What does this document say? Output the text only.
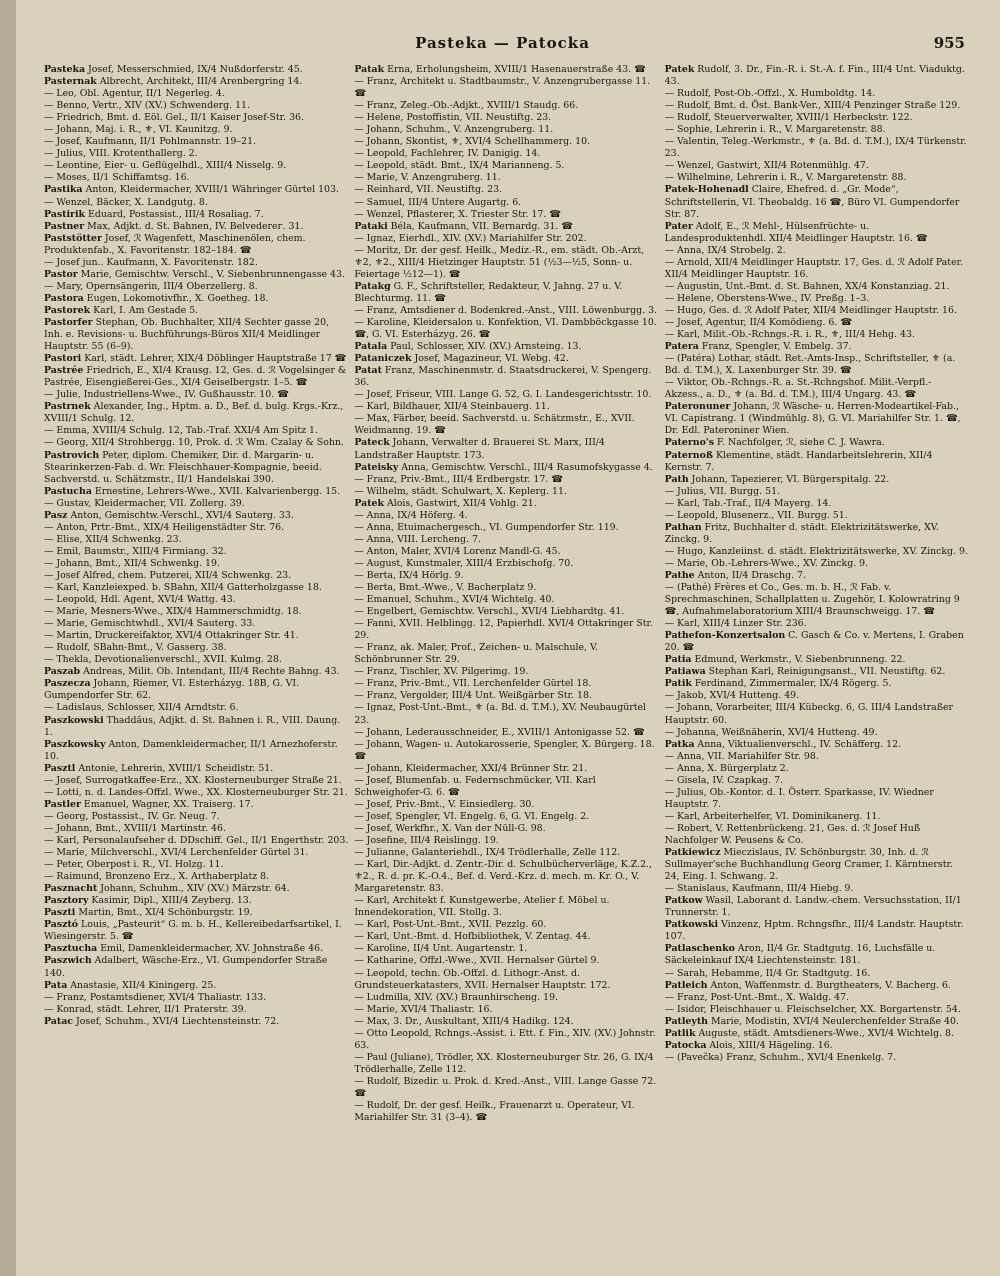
Pasteka — Patocka	955
Pasteka Josef, Messerschmied, IX/4 Nußdorferstr. 45.
Pasternak Albrecht, Architekt, III/4 Arenbergring 14.
— Leo, Obl. Agentur, II/1 Negerleg. 4.
— Benno, Vertr., XIV (XV.) Schwenderg. 11.
— Friedrich, Bmt. d. Eöl. Gel., II/1 Kaiser Josef-Str. 36.
— Johann, Maj. i. R., ⚜, VI. Kaunitzg. 9.
— Josef, Kaufmann, II/1 Pohlmannstr. 19–21.
— Julius, VIII. Krotenthallerg. 2.
— Leontine, Eier- u. Geflügelhdl., XIII/4 Nisselg. 9.
— Moses, II/1 Schiffamtsg. 16.
Pastika Anton, Kleidermacher, XVIII/1 Währinger Gürtel 103.
— Wenzel, Bäcker, X. Landgutg. 8.
Pastirik Eduard, Postassist., III/4 Rosaliag. 7.
Pastner Max, Adjkt. d. St. Bahnen, IV. Belvederег. 31.
Paststötter Josef, ℛ Wagenfett, Maschinenölen, chem. Produktenfab., X. Favoritenstr. 182–184. ☎
— Josef jun.. Kaufmann, X. Favoritenstr. 182.
Pastor Marie, Gemischtw. Verschl., V. Siebenbrunnengasse 43.
— Mary, Opernsängerin, III/4 Oberzellerg. 8.
Pastora Eugen, Lokomotivfhr., X. Goetheg. 18.
Pastorek Karl, I. Am Gestade 5.
Pastorfer Stephan, Ob. Buchhalter, XII/4 Sechter gasse 20, Inh. e. Revisions- u. Buchführungs-Büros XII/4 Meidlinger Hauptstr. 55 (6–9).
Pastori Karl, städt. Lehrer, XIX/4 Döblinger Hauptstraße 17 ☎
Pastrée Friedrich, E., XI/4 Krausg. 12, Ges. d. ℛ Vogelsinger & Pastrée, Eisengießerei-Ges., XI/4 Geiselbergstr. 1–5. ☎
— Julie, Industriellens-Wwe., IV. Gußhausstr. 10. ☎
Pastrnek Alexander, Ing., Hptm. a. D., Bef. d. bulg. Krgs.-Krz., XVIII/1 Schulg. 12.
— Emma, XVIII/4 Schulg. 12, Tab.-Traf. XXI/4 Am Spitz 1.
— Georg, XII/4 Strohbergg. 10, Prok. d. ℛ Wm. Czalay & Sohn.
Pastrovich Peter, diplom. Chemiker, Dir. d. Margarin- u. Stearinkerzen-Fab. d. Wr. Fleischhauer-Kompagnie, beeid. Sachverstd. u. Schätzmstr., II/1 Handelskai 390.
Pastucha Ernestine, Lehrers-Wwe., XVII. Kalvarienbergg. 15.
— Gustav, Kleidermacher, VII. Zollerg. 39.
Pasz Anton, Gemischtw.-Verschl., XVI/4 Sauterg. 33.
— Anton, Prtr.-Bmt., XIX/4 Heiligenstädter Str. 76.
— Elise, XII/4 Schwenkg. 23.
— Emil, Baumstr., XIII/4 Firmiang. 32.
— Johann, Bmt., XII/4 Schwenkg. 19.
— Josef Alfred, chem. Putzerei, XII/4 Schwenkg. 23.
— Karl, Kanzleiexped. b. SBahn, XII/4 Gatterholzgasse 18.
— Leopold, Hdl. Agent, XVI/4 Wattg. 43.
— Marie, Mesners-Wwe., XIX/4 Hammerschmidtg. 18.
— Marie, Gemischtwhdl., XVI/4 Sauterg. 33.
— Martin, Druckereifaktor, XVI/4 Ottakringer Str. 41.
— Rudolf, SBahn-Bmt., V. Gasserg. 38.
— Thekla, Devotionalienverschl., XVII. Kulmg. 28.
Paszab Andreas, Milit. Ob. Intendant, III/4 Rechte Bahng. 43.
Paszecza Johann, Riemer, VI. Esterházyg. 18B, G. VI. Gumpendorfer Str. 62.
— Ladislaus, Schlosser, XII/4 Arndtstr. 6.
Paszkowski Thaddäus, Adjkt. d. St. Bahnen i. R., VIII. Daung. 1.
Paszkowsky Anton, Damenkleidermacher, II/1 Arnezhoferstr. 10.
Pasztl Antonie, Lehrerin, XVIII/1 Scheidlstr. 51.
— Josef, Surrogatkaffee-Erz., XX. Klosterneuburger Straße 21.
— Lotti, n. d. Landes-Offzl. Wwe., XX. Klosterneuburger Str. 21.
Pastler Emanuel, Wagner, XX. Traiserg. 17.
— Georg, Postassist., IV. Gr. Neug. 7.
— Johann, Bmt., XVIII/1 Martinstr. 46.
— Karl, Personalaufseher d. DDschiff. Gel., II/1 Engerthstr. 203.
— Marie, Milchverschl., XVI/4 Lerchenfelder Gürtel 31.
— Peter, Oberpost i. R., VI. Holzg. 11.
— Raimund, Bronzeno Erz., X. Arthaberplatz 8.
Pasznacht Johann, Schuhm., XIV (XV.) Märzstr. 64.
Pasztory Kasimir, Dipl., XIII/4 Zeyberg. 13.
Paszti Martin, Bmt., XI/4 Schönburgstr. 19.
Pasztó Louis, „Pasteurit“ G. m. b. H., Kellereibedarfsartikel, I. Wiesingerstr. 5. ☎
Pasztucha Emil, Damenkleidermacher, XV. Johnstraße 46.
Paszwich Adalbert, Wäsche-Erz., VI. Gumpendorfer Straße 140.
Pata Anastasie, XII/4 Kiningerg. 25.
— Franz, Postamtsdiener, XVI/4 Thaliastr. 133.
— Konrad, städt. Lehrer, II/1 Praterstr. 39.
Patac Josef, Schuhm., XVI/4 Liechtensteinstr. 72.
Patak Erna, Erholungsheim, XVIII/1 Hasenauerstraße 43. ☎
— Franz, Architekt u. Stadtbaumstr., V. Anzengrubergasse 11. ☎
— Franz, Zeleg.-Ob.-Adjkt., XVIII/1 Staudg. 66.
— Helene, Postoffistin, VII. Neustiftg. 23.
— Johann, Schuhm., V. Anzengruberg. 11.
— Johann, Skontist, ⚜, XVI/4 Schellhammerg. 10.
— Leopold, Fachlehrer, IV. Danigig. 14.
— Leopold, städt. Bmt., IX/4 Marianneng. 5.
— Marie, V. Anzengruberg. 11.
— Reinhard, VII. Neustiftg. 23.
— Samuel, III/4 Untere Augartg. 6.
— Wenzel, Pflasterer, X. Triester Str. 17. ☎
Pataki Béla, Kaufmann, VII. Bernardg. 31. ☎
— Ignaz, Eierhdl., XIV. (XV.) Mariahilfer Str. 202.
— Moritz, Dr. der gesf. Heilk., Mediz.-R., em. städt. Ob.-Arzt, ⚜2, ⚜2., XIII/4 Hietzinger Hauptstr. 51 (½3—½5, Sonn- u. Feiertage ½12—1). ☎
Patakg G. F., Schriftsteller, Redakteur, V. Jahng. 27 u. V. Blechturmg. 11. ☎
— Franz, Amtsdiener d. Bodenkred.-Anst., VIII. Löwenburgg. 3.
— Karoline, Kleidersalon u. Konfektion, VI. Dambböckgasse 10. ☎, G. VI. Esterházyg. 26. ☎
Patala Paul, Schlosser, XIV. (XV.) Arnsteing. 13.
Pataniczek Josef, Magazineur, VI. Webg. 42.
Patat Franz, Maschinenmstr. d. Staatsdruckerei, V. Spengerg. 36.
— Josef, Friseur, VIII. Lange G. 52, G. I. Landesgerichtsstr. 10.
— Karl, Bildhauer, XII/4 Steinbauerg. 11.
— Max, Färber, beeid. Sachverstd. u. Schätzmstr., E., XVII. Weidmanng. 19. ☎
Pateck Johann, Verwalter d. Brauerei St. Marx, III/4 Landstraßer Hauptstr. 173.
Pateisky Anna, Gemischtw. Verschl., III/4 Rasumofskygasse 4.
— Franz, Priv.-Bmt., III/4 Erdbergstr. 17. ☎
— Wilhelm, städt. Schulwart, X. Keplerg. 11.
Patek Alois, Gastwirt, XII/4 Vohlg. 21.
— Anna, IX/4 Höferg. 4.
— Anna, Etuimachergesch., VI. Gumpendorfer Str. 119.
— Anna, VIII. Lercheng. 7.
— Anton, Maler, XVI/4 Lorenz Mandl-G. 45.
— August, Kunstmaler, XIII/4 Erzbischofg. 70.
— Berta, IX/4 Hörlg. 9.
— Berta, Bmt.-Wwe., V. Bacherplatz 9.
— Emanuel, Schuhm., XVI/4 Wichtelg. 40.
— Engelbert, Gemischtw. Verschl., XVI/4 Liebhardtg. 41.
— Fanni, XVII. Helblingg. 12, Papierhdl. XVI/4 Ottakringer Str. 29.
— Franz, ak. Maler, Prof., Zeichen- u. Malschule, V. Schönbrunner Str. 29.
— Franz, Tischler, XV. Pilgerimg. 19.
— Franz, Priv.-Bmt., VII. Lerchenfelder Gürtel 18.
— Franz, Vergolder, III/4 Unt. Weißgärber Str. 18.
— Ignaz, Post-Unt.-Bmt., ⚜ (a. Bd. d. T.M.), XV. Neubaugürtel 23.
— Johann, Lederausschneider, E., XVIII/1 Antonigasse 52. ☎
— Johann, Wagen- u. Autokarosserie, Spengler, X. Bürgerg. 18. ☎
— Johann, Kleidermacher, XXI/4 Brünner Str. 21.
— Josef, Blumenfab. u. Federnschmücker, VII. Karl Schweighofer-G. 6. ☎
— Josef, Priv.-Bmt., V. Einsiedlerg. 30.
— Josef, Spengler, VI. Engelg. 6, G. VI. Engelg. 2.
— Josef, Werkfhr., X. Van der Nüll-G. 98.
— Josefine, III/4 Reislingg. 19.
— Julianne, Galanteriehdl., IX/4 Trödlerhalle, Zelle 112.
— Karl, Dir.-Adjkt. d. Zentr.-Dir. d. Schulbücherverläge, K.Z.2., ⚜2., R. d. pr. K.-O.4., Bef. d. Verd.-Krz. d. mech. m. Kr. O., V. Margaretenstr. 83.
— Karl, Architekt f. Kunstgewerbe, Atelier f. Möbel u. Innendekoration, VII. Stollg. 3.
— Karl, Post-Unt.-Bmt., XVII. Pezzlg. 60.
— Karl, Unt.-Bmt. d. Hofbibliothek, V. Zentag. 44.
— Karoline, II/4 Unt. Augartenstr. 1.
— Katharine, Offzl.-Wwe., XVII. Hernalser Gürtel 9.
— Leopold, techn. Ob.-Offzl. d. Lithogr.-Anst. d. Grundsteuerkatasters, XVII. Hernalser Hauptstr. 172.
— Ludmilla, XIV. (XV.) Braunhirscheng. 19.
— Marie, XVI/4 Thaliastr. 16.
— Max, 3. Dr., Auskultant, XIII/4 Hadikg. 124.
— Otto Leopold, Rchngs.-Assist. i. Ett. f. Fin., XIV. (XV.) Johnstr. 63.
— Paul (Juliane), Trödler, XX. Klosterneuburger Str. 26, G. IX/4 Trödlerhalle, Zelle 112.
— Rudolf, Bizedir. u. Prok. d. Kred.-Anst., VIII. Lange Gasse 72. ☎
— Rudolf, Dr. der gesf. Heilk., Frauenarzt u. Operateur, VI. Mariahilfer Str. 31 (3–4). ☎
Patek Rudolf, 3. Dr., Fin.-R. i. St.-A. f. Fin., III/4 Unt. Viaduktg. 43.
— Rudolf, Post-Ob.-Offzl., X. Humboldtg. 14.
— Rudolf, Bmt. d. Öst. Bank-Ver., XIII/4 Penzinger Straße 129.
— Rudolf, Steuerverwalter, XVIII/1 Herbeckstr. 122.
— Sophie, Lehrerin i. R., V. Margaretenstr. 88.
— Valentin, Teleg.-Werkmstr., ⚜ (a. Bd. d. T.M.), IX/4 Türkenstr. 23.
— Wenzel, Gastwirt, XII/4 Rotenmühlg. 47.
— Wilhelmine, Lehrerin i. R., V. Margaretenstr. 88.
Patek-Hohenadl Claire, Ehefred. d. „Gr. Mode“, Schriftstellerin, VI. Theobaldg. 16 ☎, Büro VI. Gumpendorfer Str. 87.
Pater Adolf, E., ℛ Mehl-, Hülsenfrüchte- u. Landesproduktenhdl. XII/4 Meidlinger Hauptstr. 16. ☎
— Anna, IX/4 Strobelg. 2.
— Arnold, XII/4 Meidlinger Hauptstr. 17, Ges. d. ℛ Adolf Pater. XII/4 Meidlinger Hauptstr. 16.
— Augustin, Unt.-Bmt. d. St. Bahnen, XX/4 Konstanziag. 21.
— Helene, Oberstens-Wwe., IV. Preßg. 1–3.
— Hugo, Ges. d. ℛ Adolf Pater, XII/4 Meidlinger Hauptstr. 16.
— Josef, Agentur, II/4 Komödieng. 6. ☎
— Karl, Milit.-Ob.-Rchngs.-R. i. R., ⚜, III/4 Hehg. 43.
Patera Franz, Spengler, V. Embelg. 37.
— (Patéra) Lothar, städt. Ret.-Amts-Insp., Schriftsteller, ⚜ (a. Bd. d. T.M.), X. Laxenburger Str. 39. ☎
— Viktor, Ob.-Rchngs.-R. a. St.-Rchngshof. Milit.-Verpfl.-Akzess., a. D., ⚜ (a. Bd. d. T.M.), III/4 Ungarg. 43. ☎
Pateronuner Johann, ℛ Wäsche- u. Herren-Modeartikel-Fab., VI. Capistrang. 1 (Windmühlg. 8), G. VI. Mariahilfer Str. 1. ☎, Dr. Edl. Pateroniner Wien.
Paterno's F. Nachfolger, ℛ, siehe C. J. Wawra.
Paternoß Klementine, städt. Handarbeitslehrerin, XII/4 Kernstr. 7.
Path Johann, Tapezierer, VI. Bürgerspitalg. 22.
— Julius, VII. Burgg. 51.
— Karl, Tab.-Traf., II/4 Mayerg. 14.
— Leopold, Blusenerz., VII. Burgg. 51.
Pathan Fritz, Buchhalter d. städt. Elektrizitätswerke, XV. Zinckg. 9.
— Hugo, Kanzleiinst. d. städt. Elektrizitätswerke, XV. Zinckg. 9.
— Marie, Ob.-Lehrers-Wwe., XV. Zinckg. 9.
Pathe Anton, II/4 Draschg. 7.
— (Pathé) Frères et Co., Ges. m. b. H., ℛ Fab. v. Sprechmaschinen, Schallplatten u. Zugehör, I. Kolowratring 9 ☎, Aufnahmelaboratorium XIII/4 Braunschweigg. 17. ☎
— Karl, XIII/4 Linzer Str. 236.
Pathefon-Konzertsalon C. Gasch & Co. v. Mertens, I. Graben 20. ☎
Patia Edmund, Werkmstr., V. Siebenbrunneng. 22.
Patiawa Stephan Karl, Reinigungsanst., VII. Neustiftg. 62.
Patik Ferdinand, Zimmermaler, IX/4 Rögerg. 5.
— Jakob, XVI/4 Hutteng. 49.
— Johann, Vorarbeiter, III/4 Kübeckg. 6, G. III/4 Landstraßer Hauptstr. 60.
— Johanna, Weißnäherin, XVI/4 Hutteng. 49.
Patka Anna, Viktualienverschl., IV. Schäfferg. 12.
— Anna, VII. Mariahilfer Str. 98.
— Anna, X. Bürgerplatz 2.
— Gisela, IV. Czapkag. 7.
— Julius, Ob.-Kontor. d. I. Österr. Sparkasse, IV. Wiedner Hauptstr. 7.
— Karl, Arbeiterhelfer, VI. Dominikanerg. 11.
— Robert, V. Rettenbrückeng. 21, Ges. d. ℛ Josef Huß Nachfolger W. Peusens & Co.
Patkiewicz Mieczislaus, IV. Schönburgstr. 30, Inh. d. ℛ Sullmayer'sche Buchhandlung Georg Cramer, I. Kärntnerstr. 24, Eing. I. Schwang. 2.
— Stanislaus, Kaufmann, III/4 Hiebg. 9.
Patkow Wasil, Laborant d. Landw.-chem. Versuchsstation, II/1 Trunnerstr. 1.
Patkowski Vinzenz, Hptm. Rchngsfhr., III/4 Landstr. Hauptstr. 107.
Patlaschenko Aron, II/4 Gr. Stadtgutg. 16, Luchsfälle u. Säckeleinkauf IX/4 Liechtensteinstr. 181.
— Sarah, Hebamme, II/4 Gr. Stadtgutg. 16.
Patleich Anton, Waffenmstr. d. Burgtheaters, V. Bacherg. 6.
— Franz, Post-Unt.-Bmt., X. Waldg. 47.
— Isidor, Fleischhauer u. Fleischselcher, XX. Borgartenstr. 54.
Patleyth Marie, Modistin, XVI/4 Neulerchenfelder Straße 40.
Patlik Auguste, städt. Amtsdieners-Wwe., XVI/4 Wichtelg. 8.
Patocka Alois, XIII/4 Hägeling. 16.
— (Pavečka) Franz, Schuhm., XVI/4 Enenkelg. 7.
